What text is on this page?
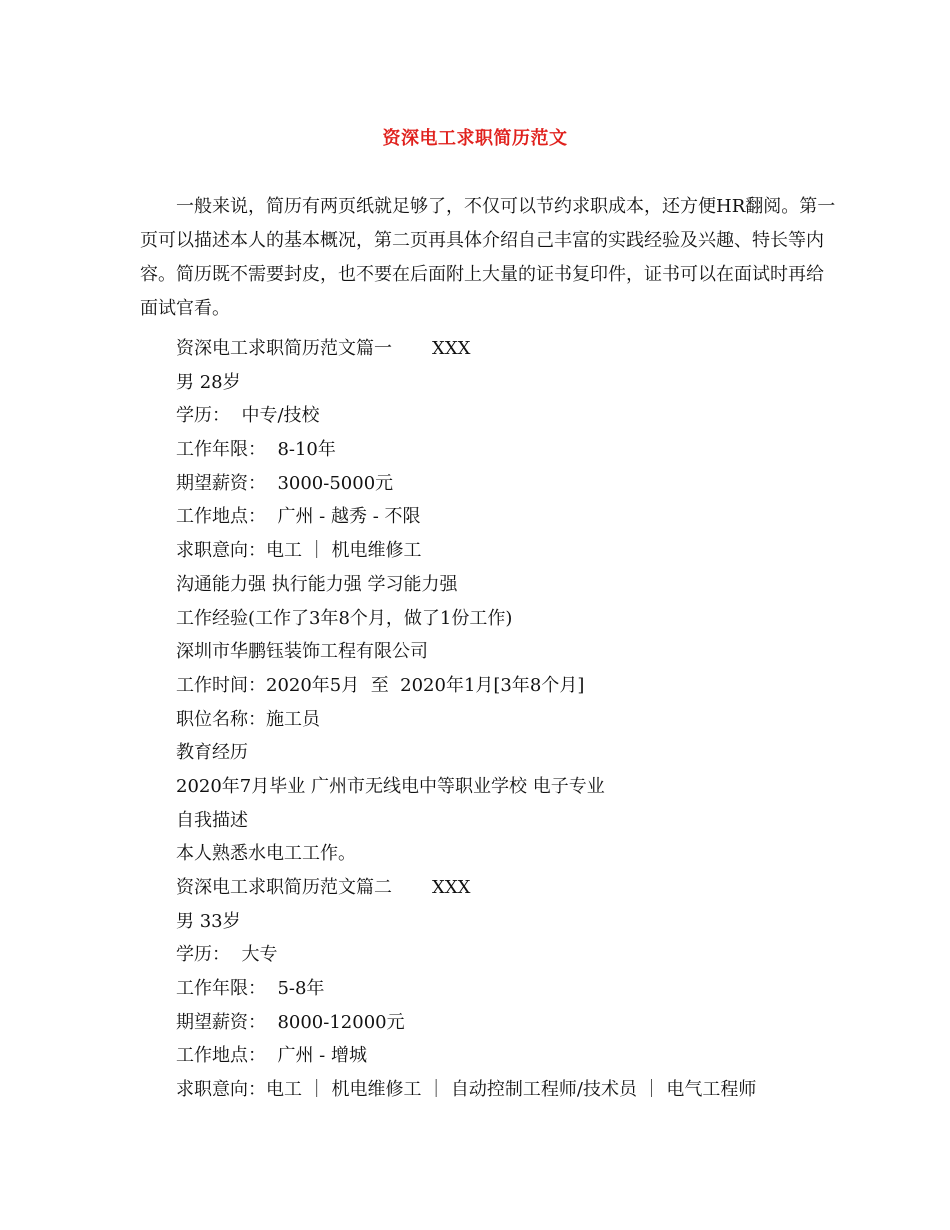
资深电工求职简历范文

一般来说，简历有两页纸就足够了，不仅可以节约求职成本，还方便HR翻阅。第一页可以描述本人的基本概况，第二页再具体介绍自己丰富的实践经验及兴趣、特长等内容。简历既不需要封皮，也不要在后面附上大量的证书复印件，证书可以在面试时再给面试官看。

资深电工求职简历范文篇一 XXX
男 28岁
学历：  中专/技校
工作年限：  8-10年
期望薪资：  3000-5000元
工作地点：  广州 - 越秀 - 不限
求职意向：电工 ｜ 机电维修工
沟通能力强 执行能力强 学习能力强
工作经验(工作了3年8个月，做了1份工作)
深圳市华鹏钰装饰工程有限公司
工作时间：2020年5月  至  2020年1月[3年8个月]
职位名称：施工员
教育经历
2020年7月毕业 广州市无线电中等职业学校 电子专业
自我描述
本人熟悉水电工工作。
资深电工求职简历范文篇二 XXX
男 33岁
学历：  大专
工作年限：  5-8年
期望薪资：  8000-12000元
工作地点：  广州 - 增城
求职意向：电工 ｜ 机电维修工 ｜ 自动控制工程师/技术员 ｜ 电气工程师
